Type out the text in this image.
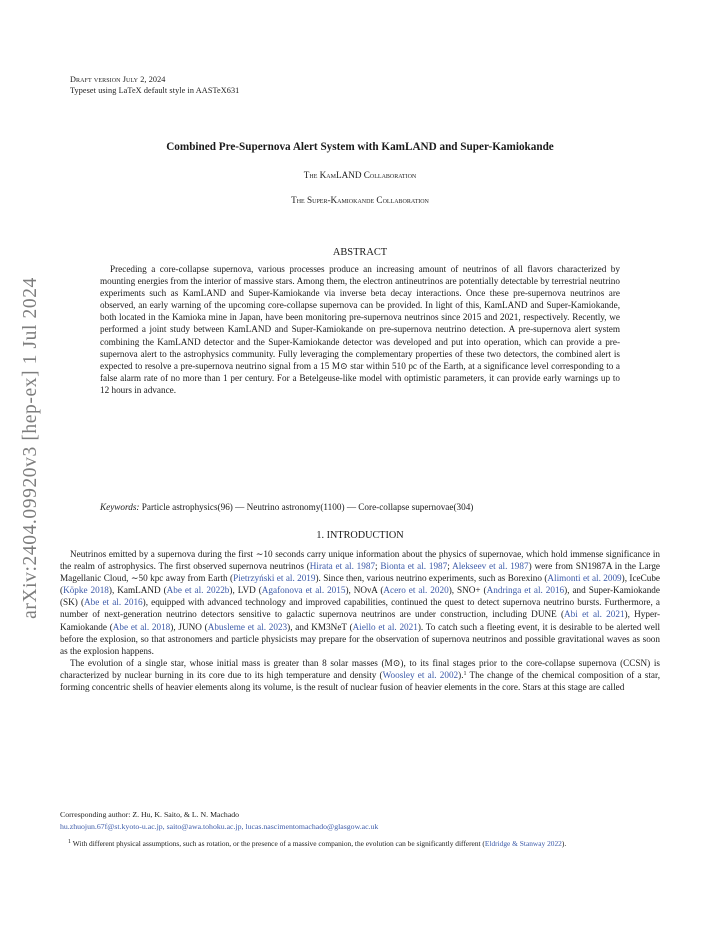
Draft version July 2, 2024
Typeset using LaTeX default style in AASTeX631
arXiv:2404.09920v3 [hep-ex] 1 Jul 2024
Combined Pre-Supernova Alert System with KamLAND and Super-Kamiokande
The KamLAND Collaboration
The Super-Kamiokande Collaboration
ABSTRACT
Preceding a core-collapse supernova, various processes produce an increasing amount of neutrinos of all flavors characterized by mounting energies from the interior of massive stars. Among them, the electron antineutrinos are potentially detectable by terrestrial neutrino experiments such as KamLAND and Super-Kamiokande via inverse beta decay interactions. Once these pre-supernova neutrinos are observed, an early warning of the upcoming core-collapse supernova can be provided. In light of this, KamLAND and Super-Kamiokande, both located in the Kamioka mine in Japan, have been monitoring pre-supernova neutrinos since 2015 and 2021, respectively. Recently, we performed a joint study between KamLAND and Super-Kamiokande on pre-supernova neutrino detection. A pre-supernova alert system combining the KamLAND detector and the Super-Kamiokande detector was developed and put into operation, which can provide a pre-supernova alert to the astrophysics community. Fully leveraging the complementary properties of these two detectors, the combined alert is expected to resolve a pre-supernova neutrino signal from a 15 M⊙ star within 510 pc of the Earth, at a significance level corresponding to a false alarm rate of no more than 1 per century. For a Betelgeuse-like model with optimistic parameters, it can provide early warnings up to 12 hours in advance.
Keywords: Particle astrophysics(96) — Neutrino astronomy(1100) — Core-collapse supernovae(304)
1. INTRODUCTION
Neutrinos emitted by a supernova during the first ∼10 seconds carry unique information about the physics of supernovae, which hold immense significance in the realm of astrophysics. The first observed supernova neutrinos (Hirata et al. 1987; Bionta et al. 1987; Alekseev et al. 1987) were from SN1987A in the Large Magellanic Cloud, ∼50 kpc away from Earth (Pietrzyński et al. 2019). Since then, various neutrino experiments, such as Borexino (Alimonti et al. 2009), IceCube (Köpke 2018), KamLAND (Abe et al. 2022b), LVD (Agafonova et al. 2015), NOνA (Acero et al. 2020), SNO+ (Andringa et al. 2016), and Super-Kamiokande (SK) (Abe et al. 2016), equipped with advanced technology and improved capabilities, continued the quest to detect supernova neutrino bursts. Furthermore, a number of next-generation neutrino detectors sensitive to galactic supernova neutrinos are under construction, including DUNE (Abi et al. 2021), Hyper-Kamiokande (Abe et al. 2018), JUNO (Abusleme et al. 2023), and KM3NeT (Aiello et al. 2021). To catch such a fleeting event, it is desirable to be alerted well before the explosion, so that astronomers and particle physicists may prepare for the observation of supernova neutrinos and possible gravitational waves as soon as the explosion happens.
The evolution of a single star, whose initial mass is greater than 8 solar masses (M⊙), to its final stages prior to the core-collapse supernova (CCSN) is characterized by nuclear burning in its core due to its high temperature and density (Woosley et al. 2002).$^1$ The change of the chemical composition of a star, forming concentric shells of heavier elements along its volume, is the result of nuclear fusion of heavier elements in the core. Stars at this stage are called
Corresponding author: Z. Hu, K. Saito, & L. N. Machado
hu.zhuojun.67f@st.kyoto-u.ac.jp, saito@awa.tohoku.ac.jp, lucas.nascimentomachado@glasgow.ac.uk
$^1$ With different physical assumptions, such as rotation, or the presence of a massive companion, the evolution can be significantly different (Eldridge & Stanway 2022).
